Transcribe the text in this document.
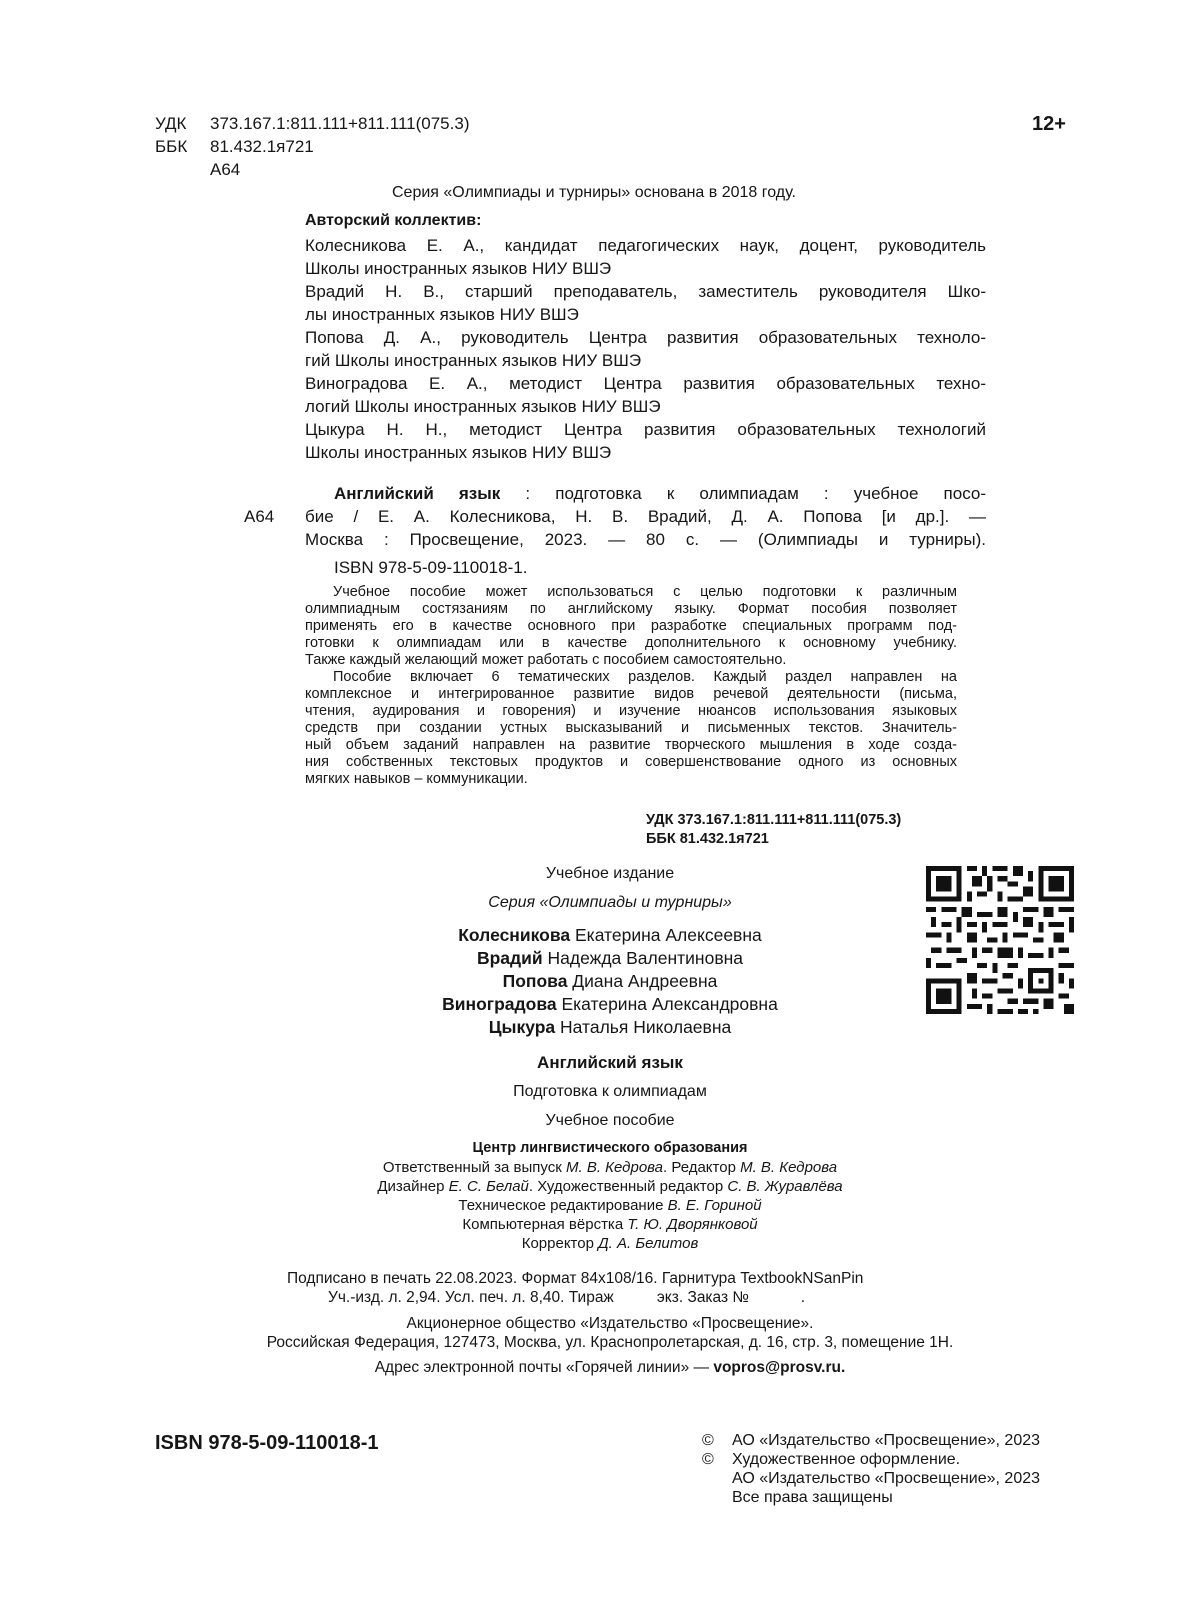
УДК 373.167.1:811.111+811.111(075.3)
ББК 81.432.1я721
А64
12+
Серия «Олимпиады и турниры» основана в 2018 году.
Авторский коллектив:
Колесникова Е. А., кандидат педагогических наук, доцент, руководитель
Школы иностранных языков НИУ ВШЭ
Врадий Н. В., старший преподаватель, заместитель руководителя Шко-
лы иностранных языков НИУ ВШЭ
Попова Д. А., руководитель Центра развития образовательных техноло-
гий Школы иностранных языков НИУ ВШЭ
Виноградова Е. А., методист Центра развития образовательных техно-
логий Школы иностранных языков НИУ ВШЭ
Цыкура Н. Н., методист Центра развития образовательных технологий
Школы иностранных языков НИУ ВШЭ
А64
Английский язык : подготовка к олимпиадам : учебное посо-
бие / Е. А. Колесникова, Н. В. Врадий, Д. А. Попова [и др.]. —
Москва : Просвещение, 2023. — 80 с. — (Олимпиады и турниры).
ISBN 978-5-09-110018-1.
Учебное пособие может использоваться с целью подготовки к различным
олимпиадным состязаниям по английскому языку. Формат пособия позволяет
применять его в качестве основного при разработке специальных программ под-
готовки к олимпиадам или в качестве дополнительного к основному учебнику.
Также каждый желающий может работать с пособием самостоятельно.
Пособие включает 6 тематических разделов. Каждый раздел направлен на
комплексное и интегрированное развитие видов речевой деятельности (письма,
чтения, аудирования и говорения) и изучение нюансов использования языковых
средств при создании устных высказываний и письменных текстов. Значитель-
ный объем заданий направлен на развитие творческого мышления в ходе созда-
ния собственных текстовых продуктов и совершенствование одного из основных
мягких навыков – коммуникации.
УДК 373.167.1:811.111+811.111(075.3)
ББК 81.432.1я721
Учебное издание
Серия «Олимпиады и турниры»
Колесникова Екатерина Алексеевна
Врадий Надежда Валентиновна
Попова Диана Андреевна
Виноградова Екатерина Александровна
Цыкура Наталья Николаевна
Английский язык
Подготовка к олимпиадам
Учебное пособие
Центр лингвистического образования
Ответственный за выпуск М. В. Кедрова. Редактор М. В. Кедрова
Дизайнер Е. С. Белай. Художественный редактор С. В. Журавлёва
Техническое редактирование В. Е. Гориной
Компьютерная вёрстка Т. Ю. Дворянковой
Корректор Д. А. Белитов
Подписано в печать 22.08.2023. Формат 84x108/16. Гарнитура TextbookNSanPin
Уч.-изд. л. 2,94. Усл. печ. л. 8,40. Тираж          экз. Заказ №            .
Акционерное общество «Издательство «Просвещение».
Российская Федерация, 127473, Москва, ул. Краснопролетарская, д. 16, стр. 3, помещение 1Н.
Адрес электронной почты «Горячей линии» — vopros@prosv.ru.
ISBN 978-5-09-110018-1	© АО «Издательство «Просвещение», 2023
© Художественное оформление.
АО «Издательство «Просвещение», 2023
Все права защищены
